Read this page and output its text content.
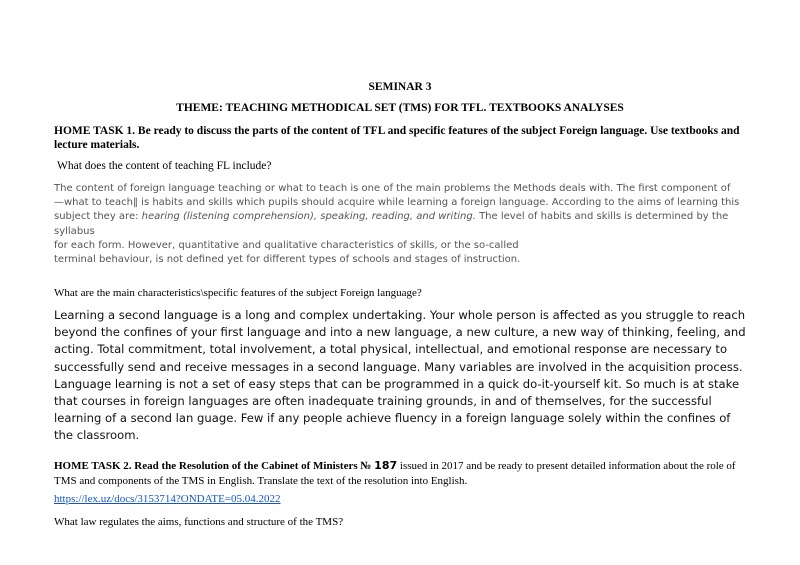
SEMINAR 3
THEME: TEACHING METHODICAL SET (TMS) FOR TFL. TEXTBOOKS ANALYSES
HOME TASK 1. Be ready to discuss the parts of the content of TFL and specific features of the subject Foreign language. Use textbooks and lecture materials.
What does the content of teaching FL include?
The content of foreign language teaching or what to teach is one of the main problems the Methods deals with. The first component of
—what to teach‖ is habits and skills which pupils should acquire while learning a foreign language. According to the aims of learning this
subject they are: hearing (listening comprehension), speaking, reading, and writing. The level of habits and skills is determined by the syllabus
for each form. However, quantitative and qualitative characteristics of skills, or the so-called
terminal behaviour, is not defined yet for different types of schools and stages of instruction.
What are the main characteristics\specific features of the subject Foreign language?
Learning a second language is a long and complex undertaking. Your whole person is affected as you struggle to reach beyond the confines of your first language and into a new language, a new culture, a new way of thinking, feeling, and acting. Total commitment, total involvement, a total physical, intellectual, and emotional response are necessary to successfully send and receive messages in a second language. Many variables are involved in the acquisition process. Language learning is not a set of easy steps that can be programmed in a quick do-it-yourself kit. So much is at stake that courses in foreign languages are often inadequate training grounds, in and of themselves, for the successful learning of a second lan guage. Few if any people achieve fluency in a foreign language solely within the confines of the classroom.
HOME TASK 2. Read the Resolution of the Cabinet of Ministers № 187 issued in 2017 and be ready to present detailed information about the role of TMS and components of the TMS in English. Translate the text of the resolution into English.
https://lex.uz/docs/3153714?ONDATE=05.04.2022
What law regulates the aims, functions and structure of the TMS?
